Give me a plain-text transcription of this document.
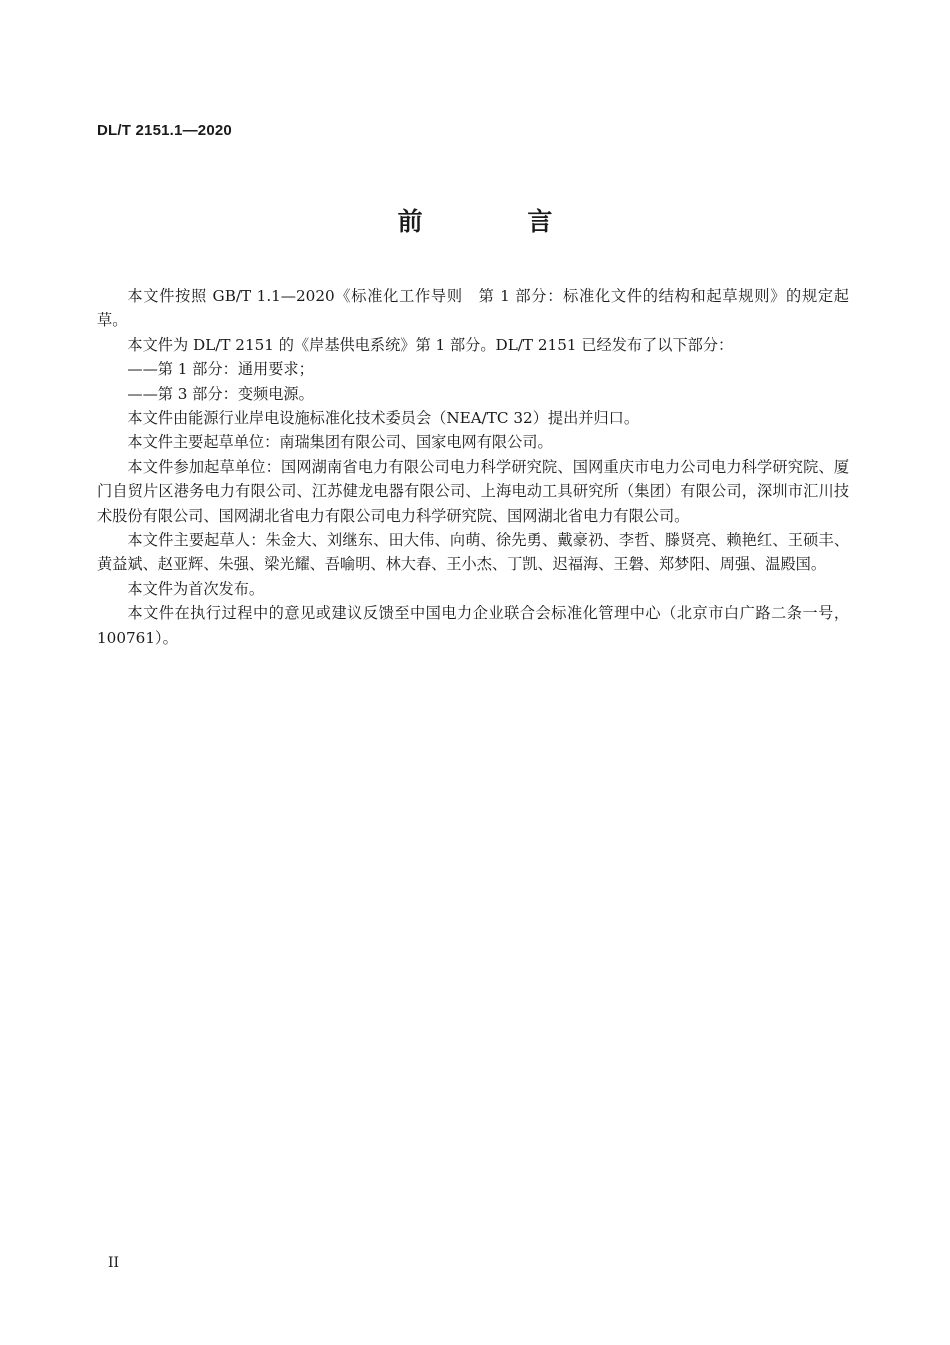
DL/T 2151.1—2020
前 言

本文件按照 GB/T 1.1—2020《标准化工作导则　第 1 部分：标准化文件的结构和起草规则》的规定起草。

本文件为 DL/T 2151 的《岸基供电系统》第 1 部分。DL/T 2151 已经发布了以下部分：

——第 1 部分：通用要求；

——第 3 部分：变频电源。

本文件由能源行业岸电设施标准化技术委员会（NEA/TC 32）提出并归口。

本文件主要起草单位：南瑞集团有限公司、国家电网有限公司。

本文件参加起草单位：国网湖南省电力有限公司电力科学研究院、国网重庆市电力公司电力科学研究院、厦门自贸片区港务电力有限公司、江苏健龙电器有限公司、上海电动工具研究所（集团）有限公司，深圳市汇川技术股份有限公司、国网湖北省电力有限公司电力科学研究院、国网湖北省电力有限公司。

本文件主要起草人：朱金大、刘继东、田大伟、向萌、徐先勇、戴豪礽、李哲、滕贤亮、赖艳红、王硕丰、黄益斌、赵亚辉、朱强、梁光耀、吾喻明、林大春、王小杰、丁凯、迟福海、王磐、郑梦阳、周强、温殿国。

本文件为首次发布。

本文件在执行过程中的意见或建议反馈至中国电力企业联合会标准化管理中心（北京市白广路二条一号，100761）。

II
